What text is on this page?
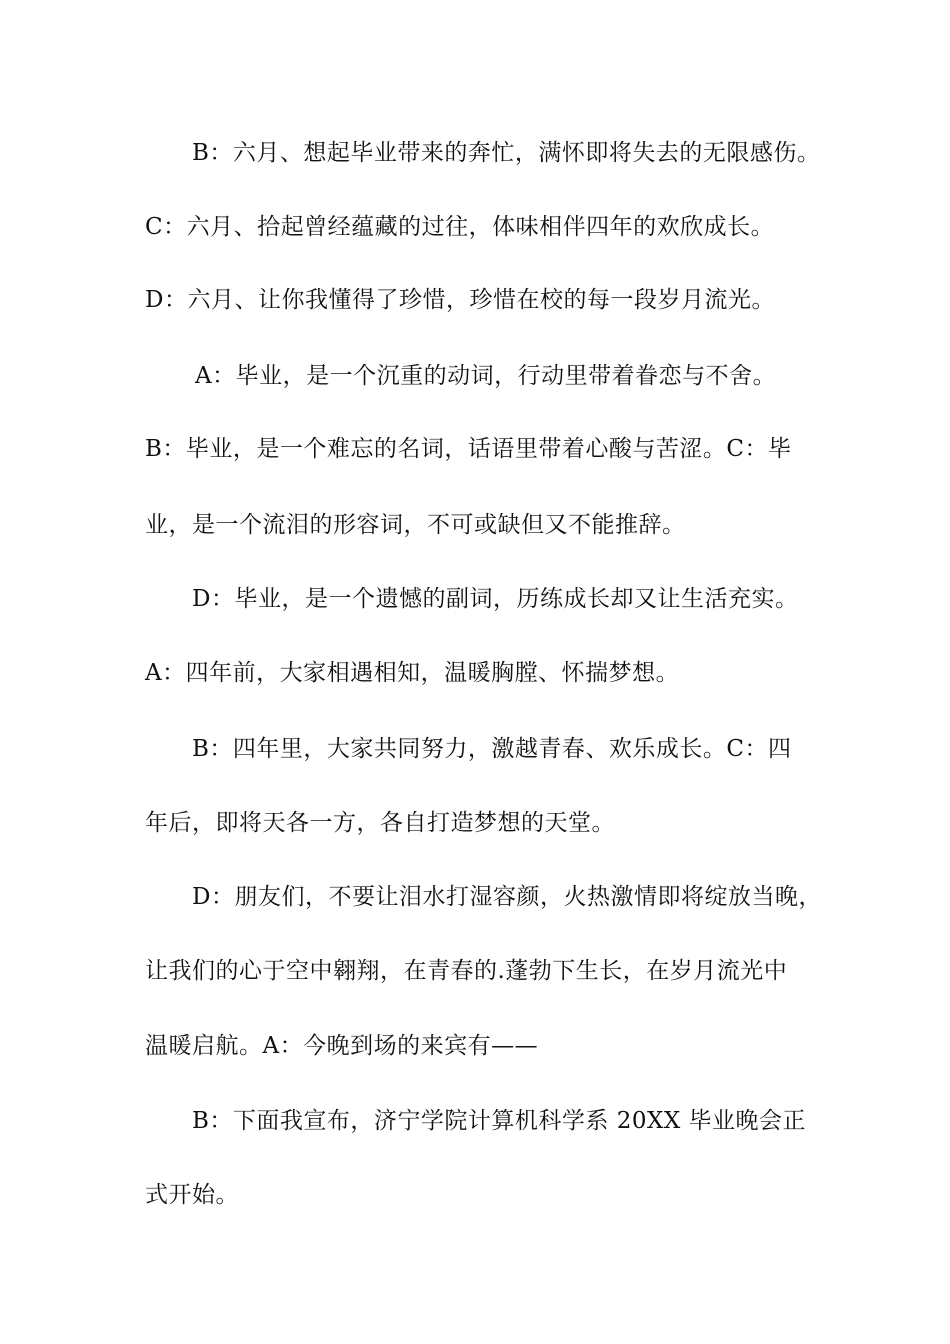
B：六月、想起毕业带来的奔忙，满怀即将失去的无限感伤。
C：六月、拾起曾经蕴藏的过往，体味相伴四年的欢欣成长。
D：六月、让你我懂得了珍惜，珍惜在校的每一段岁月流光。
A：毕业，是一个沉重的动词，行动里带着眷恋与不舍。
B：毕业，是一个难忘的名词，话语里带着心酸与苦涩。C：毕
业，是一个流泪的形容词，不可或缺但又不能推辞。
D：毕业，是一个遗憾的副词，历练成长却又让生活充实。
A：四年前，大家相遇相知，温暖胸膛、怀揣梦想。
B：四年里，大家共同努力，激越青春、欢乐成长。C：四
年后，即将天各一方，各自打造梦想的天堂。
D：朋友们，不要让泪水打湿容颜，火热激情即将绽放当晚，
让我们的心于空中翱翔，在青春的.蓬勃下生长，在岁月流光中
温暖启航。A：今晚到场的来宾有——
B：下面我宣布，济宁学院计算机科学系 20XX 毕业晚会正
式开始。
